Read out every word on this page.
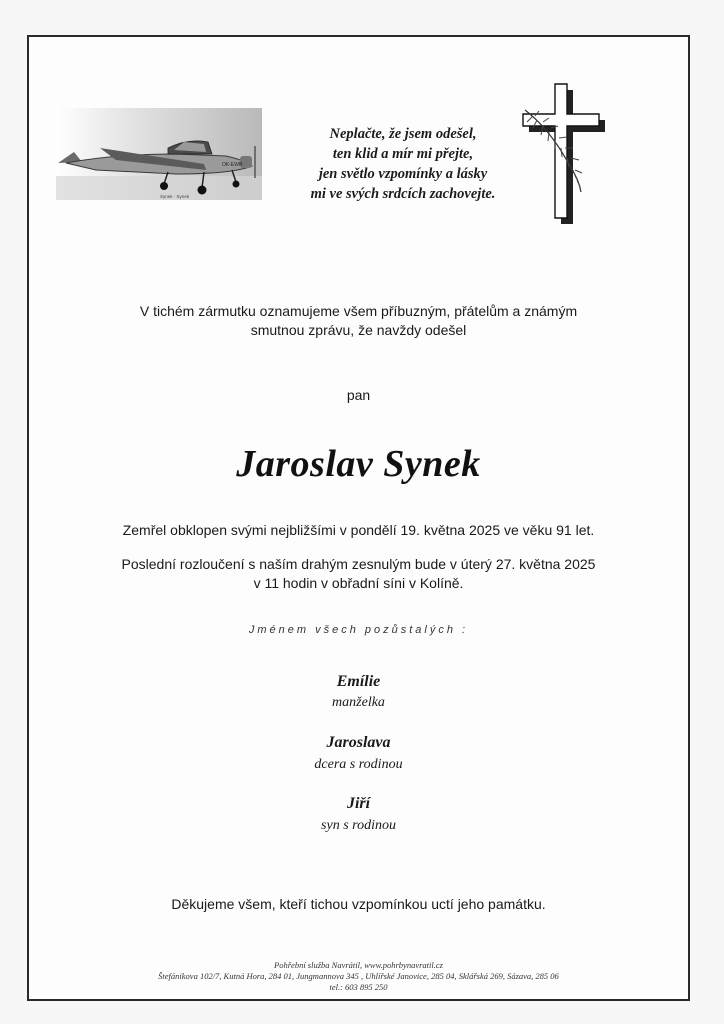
OK-EWB
Synek · Synek
Neplačte, že jsem odešel,
ten klid a mír mi přejte,
jen světlo vzpomínky a lásky
mi ve svých srdcích zachovejte.
V tichém zármutku oznamujeme všem příbuzným, přátelům a známým
smutnou zprávu, že navždy odešel
pan
Jaroslav Synek
Zemřel obklopen svými nejbližšími v pondělí 19. května 2025 ve věku 91 let.
Poslední rozloučení s naším drahým zesnulým bude v úterý 27. května 2025
v 11 hodin v obřadní síni v Kolíně.
Jménem všech pozůstalých :
Emílie
manželka
Jaroslava
dcera s rodinou
Jiří
syn s rodinou
Děkujeme všem, kteří tichou vzpomínkou uctí jeho památku.
Pohřební služba Navrátil, www.pohrbynavratil.cz
Štefánikova 102/7, Kutná Hora, 284 01, Jungmannova 345 , Uhlířské Janovice, 285 04, Sklářská 269, Sázava, 285 06
tel.: 603 895 250
